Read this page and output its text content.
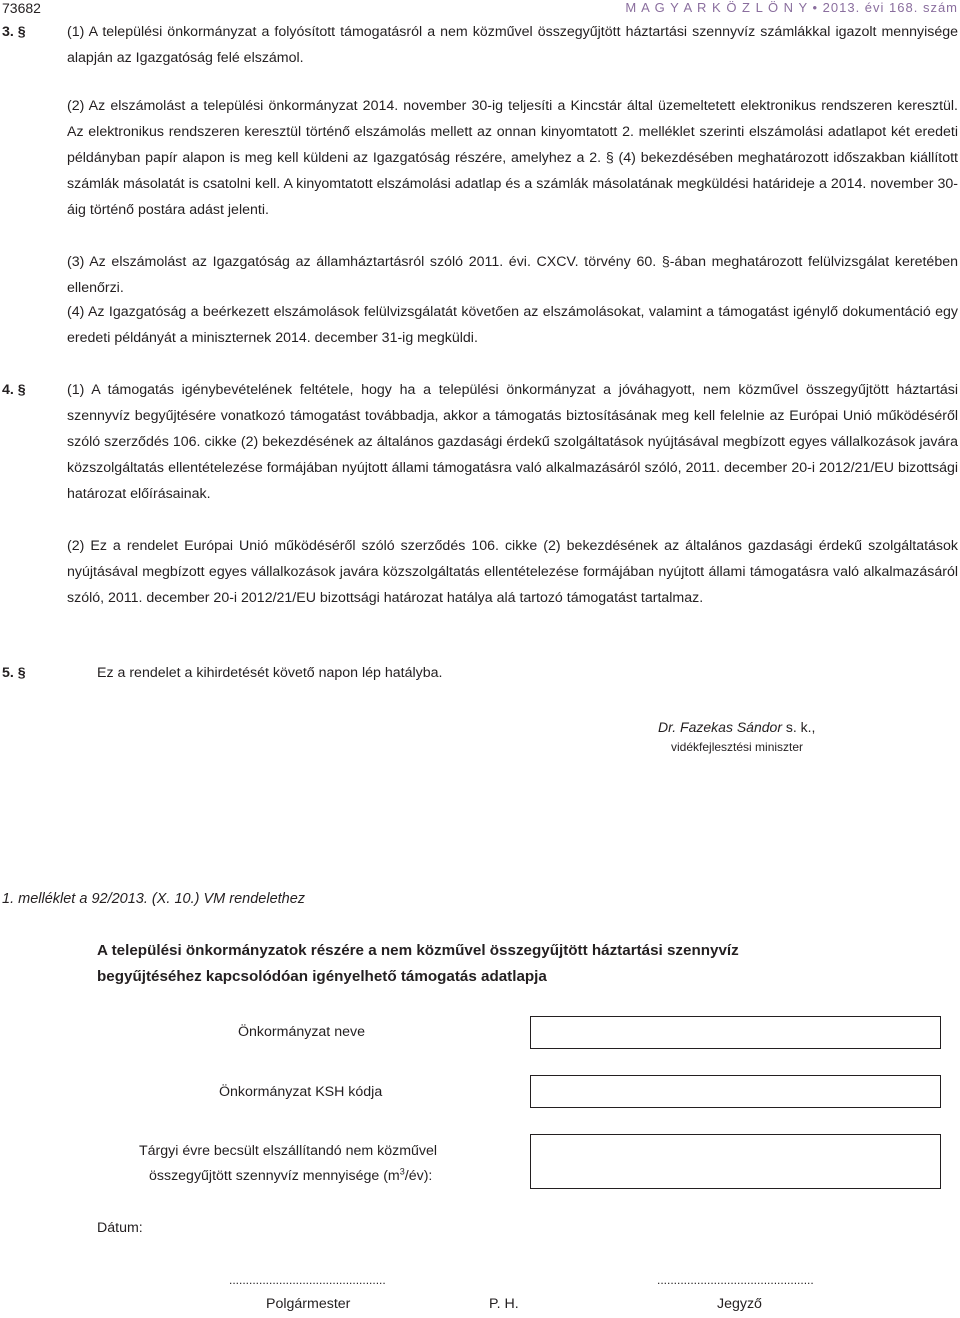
73682	M A G Y A R K Ö Z L Ö N Y • 2013. évi 168. szám
3. §	(1) A települési önkormányzat a folyósított támogatásról a nem közművel összegyűjtött háztartási szennyvíz számlákkal igazolt mennyisége alapján az Igazgatóság felé elszámol.

(2) Az elszámolást a települési önkormányzat 2014. november 30-ig teljesíti a Kincstár által üzemeltetett elektronikus rendszeren keresztül. Az elektronikus rendszeren keresztül történő elszámolás mellett az onnan kinyomtatott 2. melléklet szerinti elszámolási adatlapot két eredeti példányban papír alapon is meg kell küldeni az Igazgatóság részére, amelyhez a 2. § (4) bekezdésében meghatározott időszakban kiállított számlák másolatát is csatolni kell. A kinyomtatott elszámolási adatlap és a számlák másolatának megküldési határideje a 2014. november 30-áig történő postára adást jelenti.

(3) Az elszámolást az Igazgatóság az államháztartásról szóló 2011. évi. CXCV. törvény 60. §-ában meghatározott felülvizsgálat keretében ellenőrzi.

(4) Az Igazgatóság a beérkezett elszámolások felülvizsgálatát követően az elszámolásokat, valamint a támogatást igénylő dokumentáció egy eredeti példányát a miniszternek 2014. december 31-ig megküldi.

4. §	(1) A támogatás igénybevételének feltétele, hogy ha a települési önkormányzat a jóváhagyott, nem közművel összegyűjtött háztartási szennyvíz begyűjtésére vonatkozó támogatást továbbadja, akkor a támogatás biztosításának meg kell felelnie az Európai Unió működéséről szóló szerződés 106. cikke (2) bekezdésének az általános gazdasági érdekű szolgáltatások nyújtásával megbízott egyes vállalkozások javára közszolgáltatás ellentételezése formájában nyújtott állami támogatásra való alkalmazásáról szóló, 2011. december 20-i 2012/21/EU bizottsági határozat előírásainak.

(2) Ez a rendelet Európai Unió működéséről szóló szerződés 106. cikke (2) bekezdésének az általános gazdasági érdekű szolgáltatások nyújtásával megbízott egyes vállalkozások javára közszolgáltatás ellentételezése formájában nyújtott állami támogatásra való alkalmazásáról szóló, 2011. december 20-i 2012/21/EU bizottsági határozat hatálya alá tartozó támogatást tartalmaz.

5. §	Ez a rendelet a kihirdetését követő napon lép hatályba.

Dr. Fazekas Sándor s. k.,
vidékfejlesztési miniszter
1. melléklet a 92/2013. (X. 10.) VM rendelethez
A települési önkormányzatok részére a nem közművel összegyűjtött háztartási szennyvíz
begyűjtéséhez kapcsolódóan igényelhető támogatás adatlapja
Önkormányzat neve
Önkormányzat KSH kódja
Tárgyi évre becsült elszállítandó nem közművel
összegyűjtött szennyvíz mennyisége $(m^3/év)$:
Dátum:
...............................................	...............................................
Polgármester	P. H.	Jegyző
